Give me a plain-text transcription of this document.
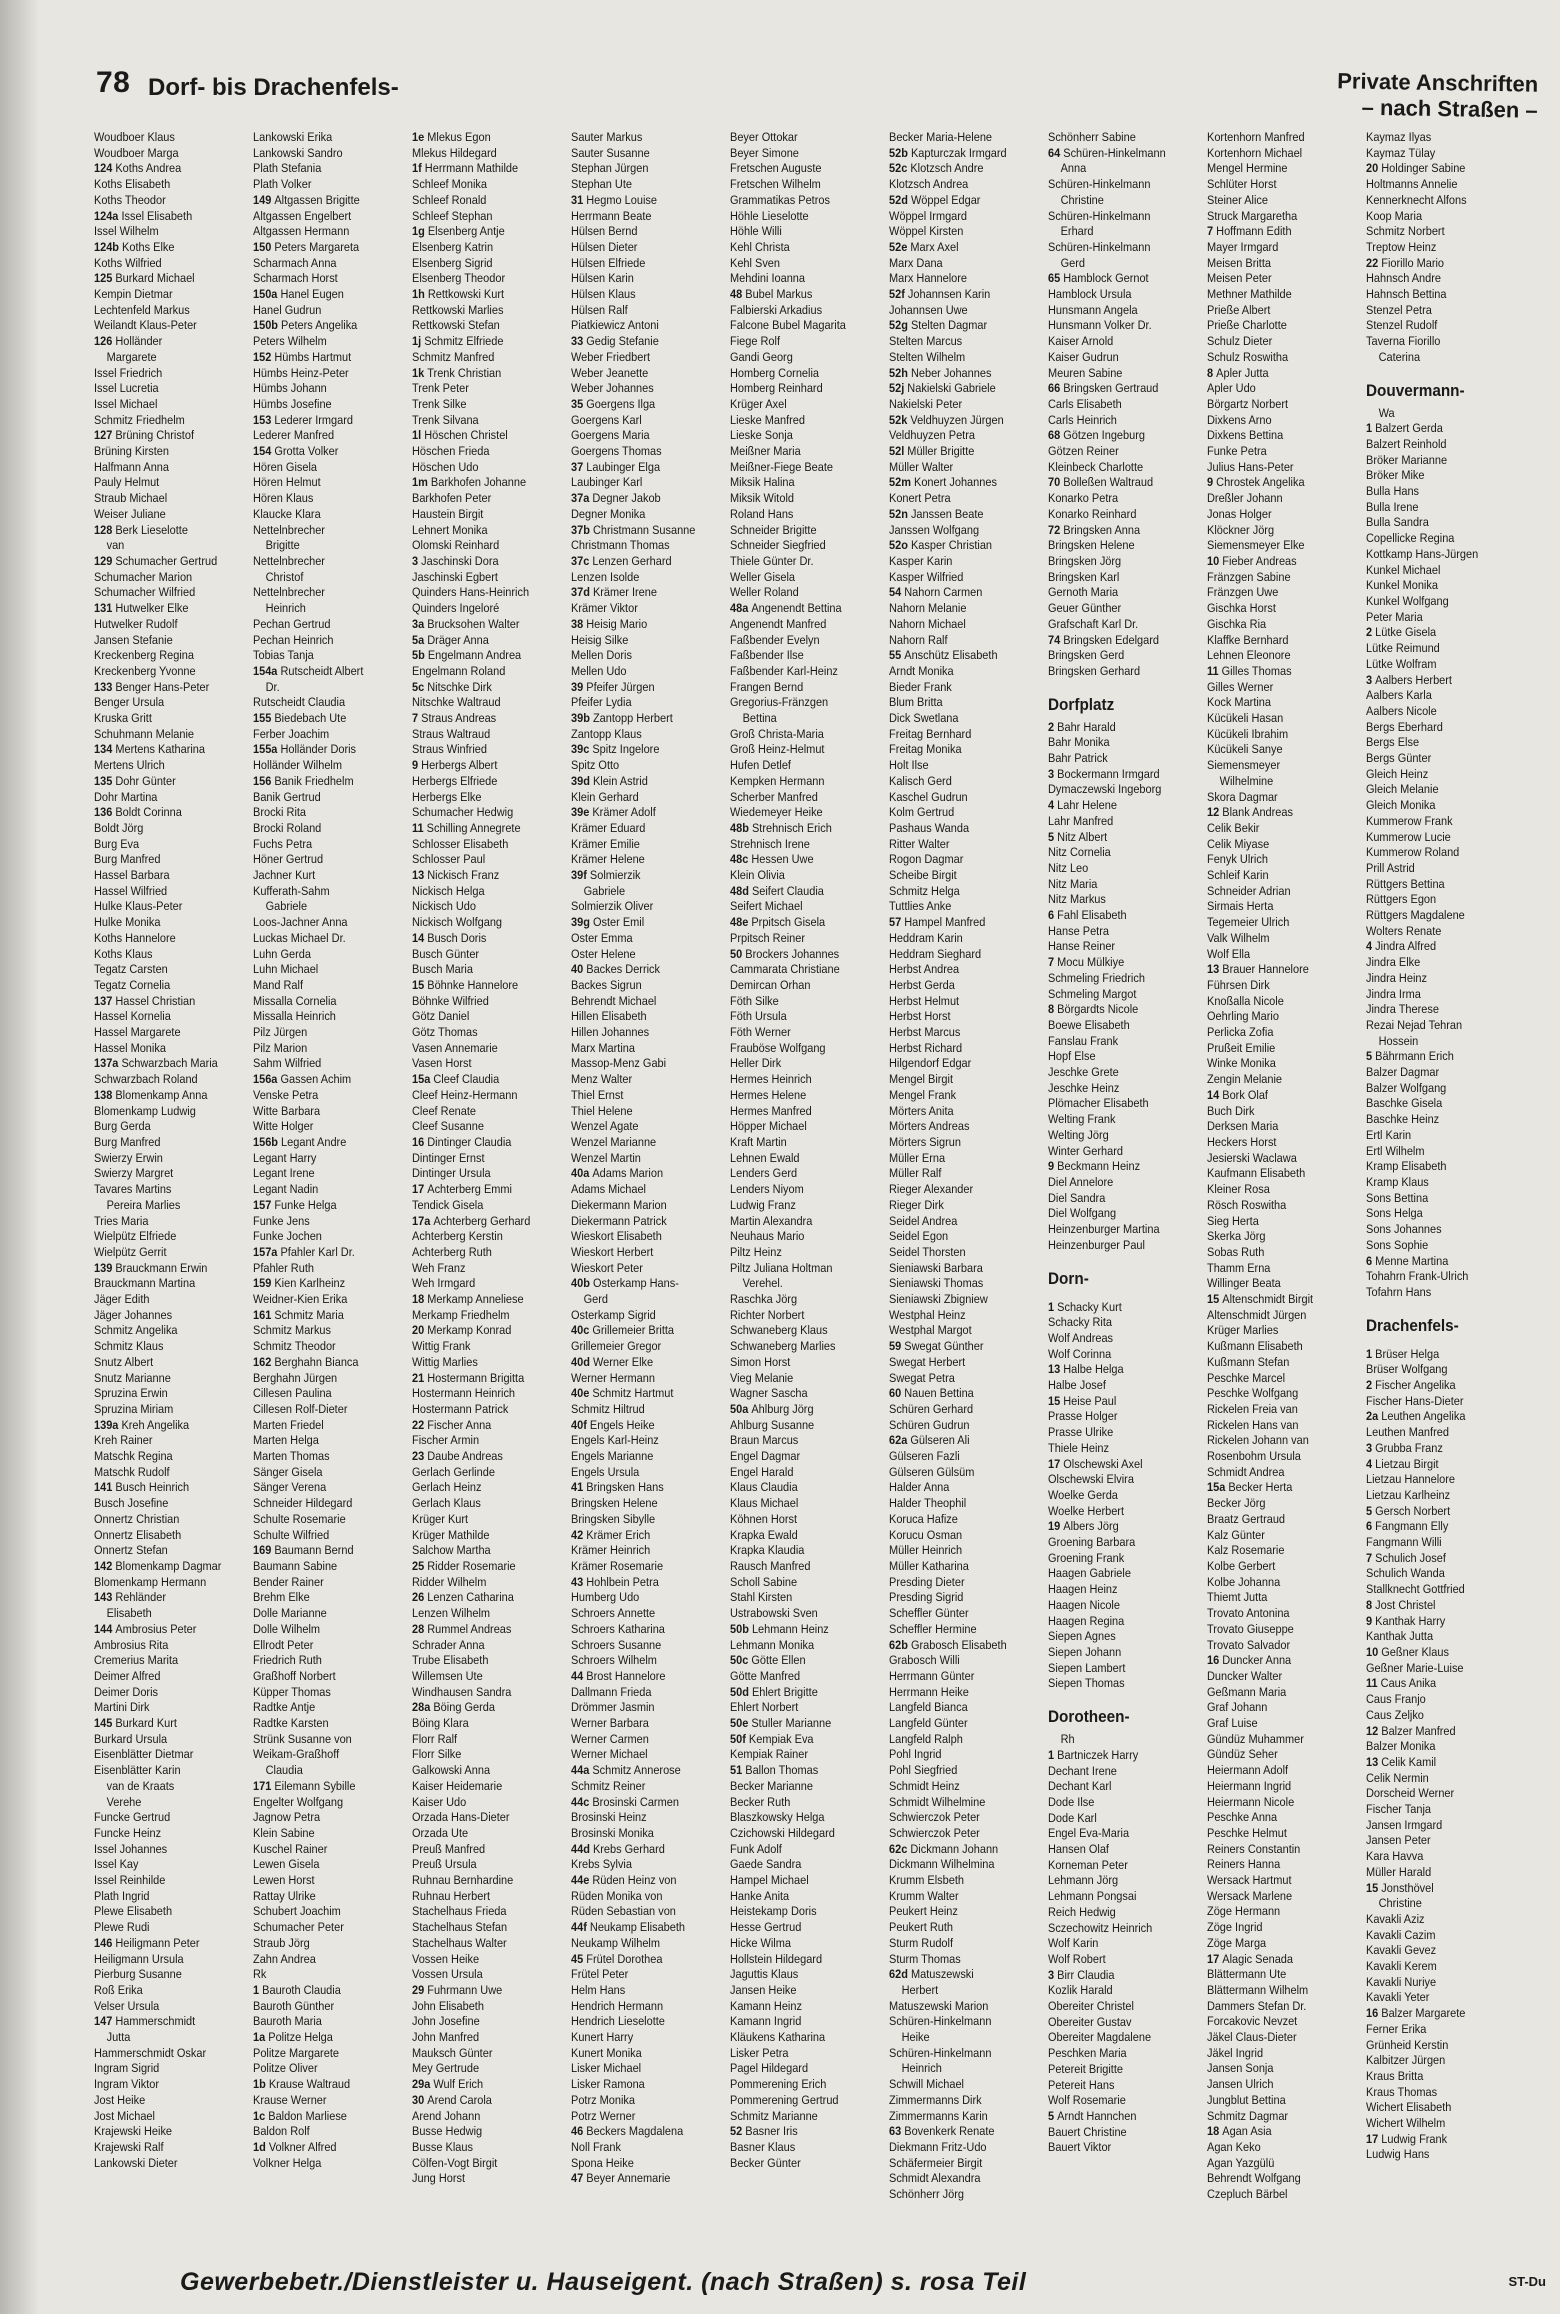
78 Dorf- bis Drachenfels-	Private Anschriften
– nach Straßen –
Woudboer Klaus
Woudboer Marga
124 Koths Andrea
Koths Elisabeth
Koths Theodor
124a Issel Elisabeth
Issel Wilhelm
124b Koths Elke
Koths Wilfried
125 Burkard Michael
Kempin Dietmar
Lechtenfeld Markus
Weilandt Klaus-Peter
126 Holländer
Margarete
Issel Friedrich
Issel Lucretia
Issel Michael
Schmitz Friedhelm
127 Brüning Christof
Brüning Kirsten
Halfmann Anna
Pauly Helmut
Straub Michael
Weiser Juliane
128 Berk Lieselotte
van
129 Schumacher Gertrud
Schumacher Marion
Schumacher Wilfried
131 Hutwelker Elke
Hutwelker Rudolf
Jansen Stefanie
Kreckenberg Regina
Kreckenberg Yvonne
133 Benger Hans-Peter
Benger Ursula
Kruska Gritt
Schuhmann Melanie
134 Mertens Katharina
Mertens Ulrich
135 Dohr Günter
Dohr Martina
136 Boldt Corinna
Boldt Jörg
Burg Eva
Burg Manfred
Hassel Barbara
Hassel Wilfried
Hulke Klaus-Peter
Hulke Monika
Koths Hannelore
Koths Klaus
Tegatz Carsten
Tegatz Cornelia
137 Hassel Christian
Hassel Kornelia
Hassel Margarete
Hassel Monika
137a Schwarzbach Maria
Schwarzbach Roland
138 Blomenkamp Anna
Blomenkamp Ludwig
Burg Gerda
Burg Manfred
Swierzy Erwin
Swierzy Margret
Tavares Martins
Pereira Marlies
Tries Maria
Wielpütz Elfriede
Wielpütz Gerrit
139 Brauckmann Erwin
Brauckmann Martina
Jäger Edith
Jäger Johannes
Schmitz Angelika
Schmitz Klaus
Snutz Albert
Snutz Marianne
Spruzina Erwin
Spruzina Miriam
139a Kreh Angelika
Kreh Rainer
Matschk Regina
Matschk Rudolf
141 Busch Heinrich
Busch Josefine
Onnertz Christian
Onnertz Elisabeth
Onnertz Stefan
142 Blomenkamp Dagmar
Blomenkamp Hermann
143 Rehländer
Elisabeth
144 Ambrosius Peter
Ambrosius Rita
Cremerius Marita
Deimer Alfred
Deimer Doris
Martini Dirk
145 Burkard Kurt
Burkard Ursula
Eisenblätter Dietmar
Eisenblätter Karin
van de Kraats
Verehe
Funcke Gertrud
Funcke Heinz
Issel Johannes
Issel Kay
Issel Reinhilde
Plath Ingrid
Plewe Elisabeth
Plewe Rudi
146 Heiligmann Peter
Heiligmann Ursula
Pierburg Susanne
Roß Erika
Velser Ursula
147 Hammerschmidt
Jutta
Hammerschmidt Oskar
Ingram Sigrid
Ingram Viktor
Jost Heike
Jost Michael
Krajewski Heike
Krajewski Ralf
Lankowski Dieter
Lankowski Erika
Lankowski Sandro
Plath Stefania
Plath Volker
149 Altgassen Brigitte
Altgassen Engelbert
Altgassen Hermann
150 Peters Margareta
Scharmach Anna
Scharmach Horst
150a Hanel Eugen
Hanel Gudrun
150b Peters Angelika
Peters Wilhelm
152 Hümbs Hartmut
Hümbs Heinz-Peter
Hümbs Johann
Hümbs Josefine
153 Lederer Irmgard
Lederer Manfred
154 Grotta Volker
Hören Gisela
Hören Helmut
Hören Klaus
Klaucke Klara
Nettelnbrecher
Brigitte
Nettelnbrecher
Christof
Nettelnbrecher
Heinrich
Pechan Gertrud
Pechan Heinrich
Tobias Tanja
154a Rutscheidt Albert
Dr.
Rutscheidt Claudia
155 Biedebach Ute
Ferber Joachim
155a Holländer Doris
Holländer Wilhelm
156 Banik Friedhelm
Banik Gertrud
Brocki Rita
Brocki Roland
Fuchs Petra
Höner Gertrud
Jachner Kurt
Kufferath-Sahm
Gabriele
Loos-Jachner Anna
Luckas Michael Dr.
Luhn Gerda
Luhn Michael
Mand Ralf
Missalla Cornelia
Missalla Heinrich
Pilz Jürgen
Pilz Marion
Sahm Wilfried
156a Gassen Achim
Venske Petra
Witte Barbara
Witte Holger
156b Legant Andre
Legant Harry
Legant Irene
Legant Nadin
157 Funke Helga
Funke Jens
Funke Jochen
157a Pfahler Karl Dr.
Pfahler Ruth
159 Kien Karlheinz
Weidner-Kien Erika
161 Schmitz Maria
Schmitz Markus
Schmitz Theodor
162 Berghahn Bianca
Berghahn Jürgen
Cillesen Paulina
Cillesen Rolf-Dieter
Marten Friedel
Marten Helga
Marten Thomas
Sänger Gisela
Sänger Verena
Schneider Hildegard
Schulte Rosemarie
Schulte Wilfried
169 Baumann Bernd
Baumann Sabine
Bender Rainer
Brehm Elke
Dolle Marianne
Dolle Wilhelm
Ellrodt Peter
Friedrich Ruth
Graßhoff Norbert
Küpper Thomas
Radtke Antje
Radtke Karsten
Strünk Susanne von
Weikam-Graßhoff
Claudia
171 Eilemann Sybille
Engelter Wolfgang
Jagnow Petra
Klein Sabine
Kuschel Rainer
Lewen Gisela
Lewen Horst
Rattay Ulrike
Schubert Joachim
Schumacher Peter
Straub Jörg
Zahn Andrea
Rk
1 Bauroth Claudia
Bauroth Günther
Bauroth Maria
1a Politze Helga
Politze Margarete
Politze Oliver
1b Krause Waltraud
Krause Werner
1c Baldon Marliese
Baldon Rolf
1d Volkner Alfred
Volkner Helga
1e Mlekus Egon
Mlekus Hildegard
1f Herrmann Mathilde
Schleef Monika
Schleef Ronald
Schleef Stephan
1g Elsenberg Antje
Elsenberg Katrin
Elsenberg Sigrid
Elsenberg Theodor
1h Rettkowski Kurt
Rettkowski Marlies
Rettkowski Stefan
1j Schmitz Elfriede
Schmitz Manfred
1k Trenk Christian
Trenk Peter
Trenk Silke
Trenk Silvana
1l Höschen Christel
Höschen Frieda
Höschen Udo
1m Barkhofen Johanne
Barkhofen Peter
Haustein Birgit
Lehnert Monika
Olomski Reinhard
3 Jaschinski Dora
Jaschinski Egbert
Quinders Hans-Heinrich
Quinders Ingeloré
3a Brucksohen Walter
5a Dräger Anna
5b Engelmann Andrea
Engelmann Roland
5c Nitschke Dirk
Nitschke Waltraud
7 Straus Andreas
Straus Waltraud
Straus Winfried
9 Herbergs Albert
Herbergs Elfriede
Herbergs Elke
Schumacher Hedwig
11 Schilling Annegrete
Schlosser Elisabeth
Schlosser Paul
13 Nickisch Franz
Nickisch Helga
Nickisch Udo
Nickisch Wolfgang
14 Busch Doris
Busch Günter
Busch Maria
15 Böhnke Hannelore
Böhnke Wilfried
Götz Daniel
Götz Thomas
Vasen Annemarie
Vasen Horst
15a Cleef Claudia
Cleef Heinz-Hermann
Cleef Renate
Cleef Susanne
16 Dintinger Claudia
Dintinger Ernst
Dintinger Ursula
17 Achterberg Emmi
Tendick Gisela
17a Achterberg Gerhard
Achterberg Kerstin
Achterberg Ruth
Weh Franz
Weh Irmgard
18 Merkamp Anneliese
Merkamp Friedhelm
20 Merkamp Konrad
Wittig Frank
Wittig Marlies
21 Hostermann Brigitta
Hostermann Heinrich
Hostermann Patrick
22 Fischer Anna
Fischer Armin
23 Daube Andreas
Gerlach Gerlinde
Gerlach Heinz
Gerlach Klaus
Krüger Kurt
Krüger Mathilde
Salchow Martha
25 Ridder Rosemarie
Ridder Wilhelm
26 Lenzen Catharina
Lenzen Wilhelm
28 Rummel Andreas
Schrader Anna
Trube Elisabeth
Willemsen Ute
Windhausen Sandra
28a Böing Gerda
Böing Klara
Florr Ralf
Florr Silke
Galkowski Anna
Kaiser Heidemarie
Kaiser Udo
Orzada Hans-Dieter
Orzada Ute
Preuß Manfred
Preuß Ursula
Ruhnau Bernhardine
Ruhnau Herbert
Stachelhaus Frieda
Stachelhaus Stefan
Stachelhaus Walter
Vossen Heike
Vossen Ursula
29 Fuhrmann Uwe
John Elisabeth
John Josefine
John Manfred
Mauksch Günter
Mey Gertrude
29a Wulf Erich
30 Arend Carola
Arend Johann
Busse Hedwig
Busse Klaus
Cölfen-Vogt Birgit
Jung Horst
Sauter Markus
Sauter Susanne
Stephan Jürgen
Stephan Ute
31 Hegmo Louise
Herrmann Beate
Hülsen Bernd
Hülsen Dieter
Hülsen Elfriede
Hülsen Karin
Hülsen Klaus
Hülsen Ralf
Piatkiewicz Antoni
33 Gedig Stefanie
Weber Friedbert
Weber Jeanette
Weber Johannes
35 Goergens Ilga
Goergens Karl
Goergens Maria
Goergens Thomas
37 Laubinger Elga
Laubinger Karl
37a Degner Jakob
Degner Monika
37b Christmann Susanne
Christmann Thomas
37c Lenzen Gerhard
Lenzen Isolde
37d Krämer Irene
Krämer Viktor
38 Heisig Mario
Heisig Silke
Mellen Doris
Mellen Udo
39 Pfeifer Jürgen
Pfeifer Lydia
39b Zantopp Herbert
Zantopp Klaus
39c Spitz Ingelore
Spitz Otto
39d Klein Astrid
Klein Gerhard
39e Krämer Adolf
Krämer Eduard
Krämer Emilie
Krämer Helene
39f Solmierzik
Gabriele
Solmierzik Oliver
39g Oster Emil
Oster Emma
Oster Helene
40 Backes Derrick
Backes Sigrun
Behrendt Michael
Hillen Elisabeth
Hillen Johannes
Marx Martina
Massop-Menz Gabi
Menz Walter
Thiel Ernst
Thiel Helene
Wenzel Agate
Wenzel Marianne
Wenzel Martin
40a Adams Marion
Adams Michael
Diekermann Marion
Diekermann Patrick
Wieskort Elisabeth
Wieskort Herbert
Wieskort Peter
40b Osterkamp Hans-
Gerd
Osterkamp Sigrid
40c Grillemeier Britta
Grillemeier Gregor
40d Werner Elke
Werner Hermann
40e Schmitz Hartmut
Schmitz Hiltrud
40f Engels Heike
Engels Karl-Heinz
Engels Marianne
Engels Ursula
41 Bringsken Hans
Bringsken Helene
Bringsken Sibylle
42 Krämer Erich
Krämer Heinrich
Krämer Rosemarie
43 Hohlbein Petra
Humberg Udo
Schroers Annette
Schroers Katharina
Schroers Susanne
Schroers Wilhelm
44 Brost Hannelore
Dallmann Frieda
Drömmer Jasmin
Werner Barbara
Werner Carmen
Werner Michael
44a Schmitz Annerose
Schmitz Reiner
44c Brosinski Carmen
Brosinski Heinz
Brosinski Monika
44d Krebs Gerhard
Krebs Sylvia
44e Rüden Heinz von
Rüden Monika von
Rüden Sebastian von
44f Neukamp Elisabeth
Neukamp Wilhelm
45 Frütel Dorothea
Frütel Peter
Helm Hans
Hendrich Hermann
Hendrich Lieselotte
Kunert Harry
Kunert Monika
Lisker Michael
Lisker Ramona
Potrz Monika
Potrz Werner
46 Beckers Magdalena
Noll Frank
Spona Heike
47 Beyer Annemarie
Beyer Ottokar
Beyer Simone
Fretschen Auguste
Fretschen Wilhelm
Grammatikas Petros
Höhle Lieselotte
Höhle Willi
Kehl Christa
Kehl Sven
Mehdini Ioanna
48 Bubel Markus
Falbierski Arkadius
Falcone Bubel Magarita
Fiege Rolf
Gandi Georg
Homberg Cornelia
Homberg Reinhard
Krüger Axel
Lieske Manfred
Lieske Sonja
Meißner Maria
Meißner-Fiege Beate
Miksik Halina
Miksik Witold
Roland Hans
Schneider Brigitte
Schneider Siegfried
Thiele Günter Dr.
Weller Gisela
Weller Roland
48a Angenendt Bettina
Angenendt Manfred
Faßbender Evelyn
Faßbender Ilse
Faßbender Karl-Heinz
Frangen Bernd
Gregorius-Fränzgen
Bettina
Groß Christa-Maria
Groß Heinz-Helmut
Hufen Detlef
Kempken Hermann
Scherber Manfred
Wiedemeyer Heike
48b Strehnisch Erich
Strehnisch Irene
48c Hessen Uwe
Klein Olivia
48d Seifert Claudia
Seifert Michael
48e Prpitsch Gisela
Prpitsch Reiner
50 Brockers Johannes
Cammarata Christiane
Demircan Orhan
Föth Silke
Föth Ursula
Föth Werner
Frauböse Wolfgang
Heller Dirk
Hermes Heinrich
Hermes Helene
Hermes Manfred
Höpper Michael
Kraft Martin
Lehnen Ewald
Lenders Gerd
Lenders Niyom
Ludwig Franz
Martin Alexandra
Neuhaus Mario
Piltz Heinz
Piltz Juliana Holtman
Verehel.
Raschka Jörg
Richter Norbert
Schwaneberg Klaus
Schwaneberg Marlies
Simon Horst
Vieg Melanie
Wagner Sascha
50a Ahlburg Jörg
Ahlburg Susanne
Braun Marcus
Engel Dagmar
Engel Harald
Klaus Claudia
Klaus Michael
Köhnen Horst
Krapka Ewald
Krapka Klaudia
Rausch Manfred
Scholl Sabine
Stahl Kirsten
Ustrabowski Sven
50b Lehmann Heinz
Lehmann Monika
50c Götte Ellen
Götte Manfred
50d Ehlert Brigitte
Ehlert Norbert
50e Stuller Marianne
50f Kempiak Eva
Kempiak Rainer
51 Ballon Thomas
Becker Marianne
Becker Ruth
Blaszkowsky Helga
Czichowski Hildegard
Funk Adolf
Gaede Sandra
Hampel Michael
Hanke Anita
Heistekamp Doris
Hesse Gertrud
Hicke Wilma
Hollstein Hildegard
Jaguttis Klaus
Jansen Heike
Kamann Heinz
Kamann Ingrid
Kläukens Katharina
Lisker Petra
Pagel Hildegard
Pommerening Erich
Pommerening Gertrud
Schmitz Marianne
52 Basner Iris
Basner Klaus
Becker Günter
Becker Maria-Helene
52b Kapturczak Irmgard
52c Klotzsch Andre
Klotzsch Andrea
52d Wöppel Edgar
Wöppel Irmgard
Wöppel Kirsten
52e Marx Axel
Marx Dana
Marx Hannelore
52f Johannsen Karin
Johannsen Uwe
52g Stelten Dagmar
Stelten Marcus
Stelten Wilhelm
52h Neber Johannes
52j Nakielski Gabriele
Nakielski Peter
52k Veldhuyzen Jürgen
Veldhuyzen Petra
52l Müller Brigitte
Müller Walter
52m Konert Johannes
Konert Petra
52n Janssen Beate
Janssen Wolfgang
52o Kasper Christian
Kasper Karin
Kasper Wilfried
54 Nahorn Carmen
Nahorn Melanie
Nahorn Michael
Nahorn Ralf
55 Anschütz Elisabeth
Arndt Monika
Bieder Frank
Blum Britta
Dick Swetlana
Freitag Bernhard
Freitag Monika
Holt Ilse
Kalisch Gerd
Kaschel Gudrun
Kolm Gertrud
Pashaus Wanda
Ritter Walter
Rogon Dagmar
Scheibe Birgit
Schmitz Helga
Tuttlies Anke
57 Hampel Manfred
Heddram Karin
Heddram Sieghard
Herbst Andrea
Herbst Gerda
Herbst Helmut
Herbst Horst
Herbst Marcus
Herbst Richard
Hilgendorf Edgar
Mengel Birgit
Mengel Frank
Mörters Anita
Mörters Andreas
Mörters Sigrun
Müller Erna
Müller Ralf
Rieger Alexander
Rieger Dirk
Seidel Andrea
Seidel Egon
Seidel Thorsten
Sieniawski Barbara
Sieniawski Thomas
Sieniawski Zbigniew
Westphal Heinz
Westphal Margot
59 Swegat Günther
Swegat Herbert
Swegat Petra
60 Nauen Bettina
Schüren Gerhard
Schüren Gudrun
62a Gülseren Ali
Gülseren Fazli
Gülseren Gülsüm
Halder Anna
Halder Theophil
Koruca Hafize
Korucu Osman
Müller Heinrich
Müller Katharina
Presding Dieter
Presding Sigrid
Scheffler Günter
Scheffler Hermine
62b Grabosch Elisabeth
Grabosch Willi
Herrmann Günter
Herrmann Heike
Langfeld Bianca
Langfeld Günter
Langfeld Ralph
Pohl Ingrid
Pohl Siegfried
Schmidt Heinz
Schmidt Wilhelmine
Schwierczok Peter
Schwierczok Peter
62c Dickmann Johann
Dickmann Wilhelmina
Krumm Elsbeth
Krumm Walter
Peukert Heinz
Peukert Ruth
Sturm Rudolf
Sturm Thomas
62d Matuszewski
Herbert
Matuszewski Marion
Schüren-Hinkelmann
Heike
Schüren-Hinkelmann
Heinrich
Schwill Michael
Zimmermanns Dirk
Zimmermanns Karin
63 Bovenkerk Renate
Diekmann Fritz-Udo
Schäfermeier Birgit
Schmidt Alexandra
Schönherr Jörg
Schönherr Sabine
64 Schüren-Hinkelmann
Anna
Schüren-Hinkelmann
Christine
Schüren-Hinkelmann
Erhard
Schüren-Hinkelmann
Gerd
65 Hamblock Gernot
Hamblock Ursula
Hunsmann Angela
Hunsmann Volker Dr.
Kaiser Arnold
Kaiser Gudrun
Meuren Sabine
66 Bringsken Gertraud
Carls Elisabeth
Carls Heinrich
68 Götzen Ingeburg
Götzen Reiner
Kleinbeck Charlotte
70 Bolleßen Waltraud
Konarko Petra
Konarko Reinhard
72 Bringsken Anna
Bringsken Helene
Bringsken Jörg
Bringsken Karl
Gernoth Maria
Geuer Günther
Grafschaft Karl Dr.
74 Bringsken Edelgard
Bringsken Gerd
Bringsken Gerhard
Dorfplatz
2 Bahr Harald
Bahr Monika
Bahr Patrick
3 Bockermann Irmgard
Dymaczewski Ingeborg
4 Lahr Helene
Lahr Manfred
5 Nitz Albert
Nitz Cornelia
Nitz Leo
Nitz Maria
Nitz Markus
6 Fahl Elisabeth
Hanse Petra
Hanse Reiner
7 Mocu Mülkiye
Schmeling Friedrich
Schmeling Margot
8 Börgardts Nicole
Boewe Elisabeth
Fanslau Frank
Hopf Else
Jeschke Grete
Jeschke Heinz
Plömacher Elisabeth
Welting Frank
Welting Jörg
Winter Gerhard
9 Beckmann Heinz
Diel Annelore
Diel Sandra
Diel Wolfgang
Heinzenburger Martina
Heinzenburger Paul
Dorn-
1 Schacky Kurt
Schacky Rita
Wolf Andreas
Wolf Corinna
13 Halbe Helga
Halbe Josef
15 Heise Paul
Prasse Holger
Prasse Ulrike
Thiele Heinz
17 Olschewski Axel
Olschewski Elvira
Woelke Gerda
Woelke Herbert
19 Albers Jörg
Groening Barbara
Groening Frank
Haagen Gabriele
Haagen Heinz
Haagen Nicole
Haagen Regina
Siepen Agnes
Siepen Johann
Siepen Lambert
Siepen Thomas
Dorotheen-
Rh
1 Bartniczek Harry
Dechant Irene
Dechant Karl
Dode Ilse
Dode Karl
Engel Eva-Maria
Hansen Olaf
Korneman Peter
Lehmann Jörg
Lehmann Pongsai
Reich Hedwig
Sczechowitz Heinrich
Wolf Karin
Wolf Robert
3 Birr Claudia
Kozlik Harald
Obereiter Christel
Obereiter Gustav
Obereiter Magdalene
Peschken Maria
Petereit Brigitte
Petereit Hans
Wolf Rosemarie
5 Arndt Hannchen
Bauert Christine
Bauert Viktor
Kortenhorn Manfred
Kortenhorn Michael
Mengel Hermine
Schlüter Horst
Steiner Alice
Struck Margaretha
7 Hoffmann Edith
Mayer Irmgard
Meisen Britta
Meisen Peter
Methner Mathilde
Prieße Albert
Prieße Charlotte
Schulz Dieter
Schulz Roswitha
8 Apler Jutta
Apler Udo
Börgartz Norbert
Dixkens Arno
Dixkens Bettina
Funke Petra
Julius Hans-Peter
9 Chrostek Angelika
Dreßler Johann
Jonas Holger
Klöckner Jörg
Siemensmeyer Elke
10 Fieber Andreas
Fränzgen Sabine
Fränzgen Uwe
Gischka Horst
Gischka Ria
Klaffke Bernhard
Lehnen Eleonore
11 Gilles Thomas
Gilles Werner
Kock Martina
Kücükeli Hasan
Kücükeli Ibrahim
Kücükeli Sanye
Siemensmeyer
Wilhelmine
Skora Dagmar
12 Blank Andreas
Celik Bekir
Celik Miyase
Fenyk Ulrich
Schleif Karin
Schneider Adrian
Sirmais Herta
Tegemeier Ulrich
Valk Wilhelm
Wolf Ella
13 Brauer Hannelore
Führsen Dirk
Knoßalla Nicole
Oehrling Mario
Perlicka Zofia
Prußeit Emilie
Winke Monika
Zengin Melanie
14 Bork Olaf
Buch Dirk
Derksen Maria
Heckers Horst
Jesierski Waclawa
Kaufmann Elisabeth
Kleiner Rosa
Rösch Roswitha
Sieg Herta
Skerka Jörg
Sobas Ruth
Thamm Erna
Willinger Beata
15 Altenschmidt Birgit
Altenschmidt Jürgen
Krüger Marlies
Kußmann Elisabeth
Kußmann Stefan
Peschke Marcel
Peschke Wolfgang
Rickelen Freia van
Rickelen Hans van
Rickelen Johann van
Rosenbohm Ursula
Schmidt Andrea
15a Becker Herta
Becker Jörg
Braatz Gertraud
Kalz Günter
Kalz Rosemarie
Kolbe Gerbert
Kolbe Johanna
Thiemt Jutta
Trovato Antonina
Trovato Giuseppe
Trovato Salvador
16 Duncker Anna
Duncker Walter
Geßmann Maria
Graf Johann
Graf Luise
Gündüz Muhammer
Gündüz Seher
Heiermann Adolf
Heiermann Ingrid
Heiermann Nicole
Peschke Anna
Peschke Helmut
Reiners Constantin
Reiners Hanna
Wersack Hartmut
Wersack Marlene
Zöge Hermann
Zöge Ingrid
Zöge Marga
17 Alagic Senada
Blättermann Ute
Blättermann Wilhelm
Dammers Stefan Dr.
Forcakovic Nevzet
Jäkel Claus-Dieter
Jäkel Ingrid
Jansen Sonja
Jansen Ulrich
Jungblut Bettina
Schmitz Dagmar
18 Agan Asia
Agan Keko
Agan Yazgülü
Behrendt Wolfgang
Czepluch Bärbel
Kaymaz Ilyas
Kaymaz Tülay
20 Holdinger Sabine
Holtmanns Annelie
Kennerknecht Alfons
Koop Maria
Schmitz Norbert
Treptow Heinz
22 Fiorillo Mario
Hahnsch Andre
Hahnsch Bettina
Stenzel Petra
Stenzel Rudolf
Taverna Fiorillo
Caterina
Douvermann-
Wa
1 Balzert Gerda
Balzert Reinhold
Bröker Marianne
Bröker Mike
Bulla Hans
Bulla Irene
Bulla Sandra
Copellicke Regina
Kottkamp Hans-Jürgen
Kunkel Michael
Kunkel Monika
Kunkel Wolfgang
Peter Maria
2 Lütke Gisela
Lütke Reimund
Lütke Wolfram
3 Aalbers Herbert
Aalbers Karla
Aalbers Nicole
Bergs Eberhard
Bergs Else
Bergs Günter
Gleich Heinz
Gleich Melanie
Gleich Monika
Kummerow Frank
Kummerow Lucie
Kummerow Roland
Prill Astrid
Rüttgers Bettina
Rüttgers Egon
Rüttgers Magdalene
Wolters Renate
4 Jindra Alfred
Jindra Elke
Jindra Heinz
Jindra Irma
Jindra Therese
Rezai Nejad Tehran
Hossein
5 Bährmann Erich
Balzer Dagmar
Balzer Wolfgang
Baschke Gisela
Baschke Heinz
Ertl Karin
Ertl Wilhelm
Kramp Elisabeth
Kramp Klaus
Sons Bettina
Sons Helga
Sons Johannes
Sons Sophie
6 Menne Martina
Tohahrn Frank-Ulrich
Tofahrn Hans
Drachenfels-
1 Brüser Helga
Brüser Wolfgang
2 Fischer Angelika
Fischer Hans-Dieter
2a Leuthen Angelika
Leuthen Manfred
3 Grubba Franz
4 Lietzau Birgit
Lietzau Hannelore
Lietzau Karlheinz
5 Gersch Norbert
6 Fangmann Elly
Fangmann Willi
7 Schulich Josef
Schulich Wanda
Stallknecht Gottfried
8 Jost Christel
9 Kanthak Harry
Kanthak Jutta
10 Geßner Klaus
Geßner Marie-Luise
11 Caus Anika
Caus Franjo
Caus Zeljko
12 Balzer Manfred
Balzer Monika
13 Celik Kamil
Celik Nermin
Dorscheid Werner
Fischer Tanja
Jansen Irmgard
Jansen Peter
Kara Havva
Müller Harald
15 Jonsthövel
Christine
Kavakli Aziz
Kavakli Cazim
Kavakli Gevez
Kavakli Kerem
Kavakli Nuriye
Kavakli Yeter
16 Balzer Margarete
Ferner Erika
Grünheid Kerstin
Kalbitzer Jürgen
Kraus Britta
Kraus Thomas
Wichert Elisabeth
Wichert Wilhelm
17 Ludwig Frank
Ludwig Hans
Gewerbebetr./Dienstleister u. Hauseigent. (nach Straßen) s. rosa Teil	ST-Du
